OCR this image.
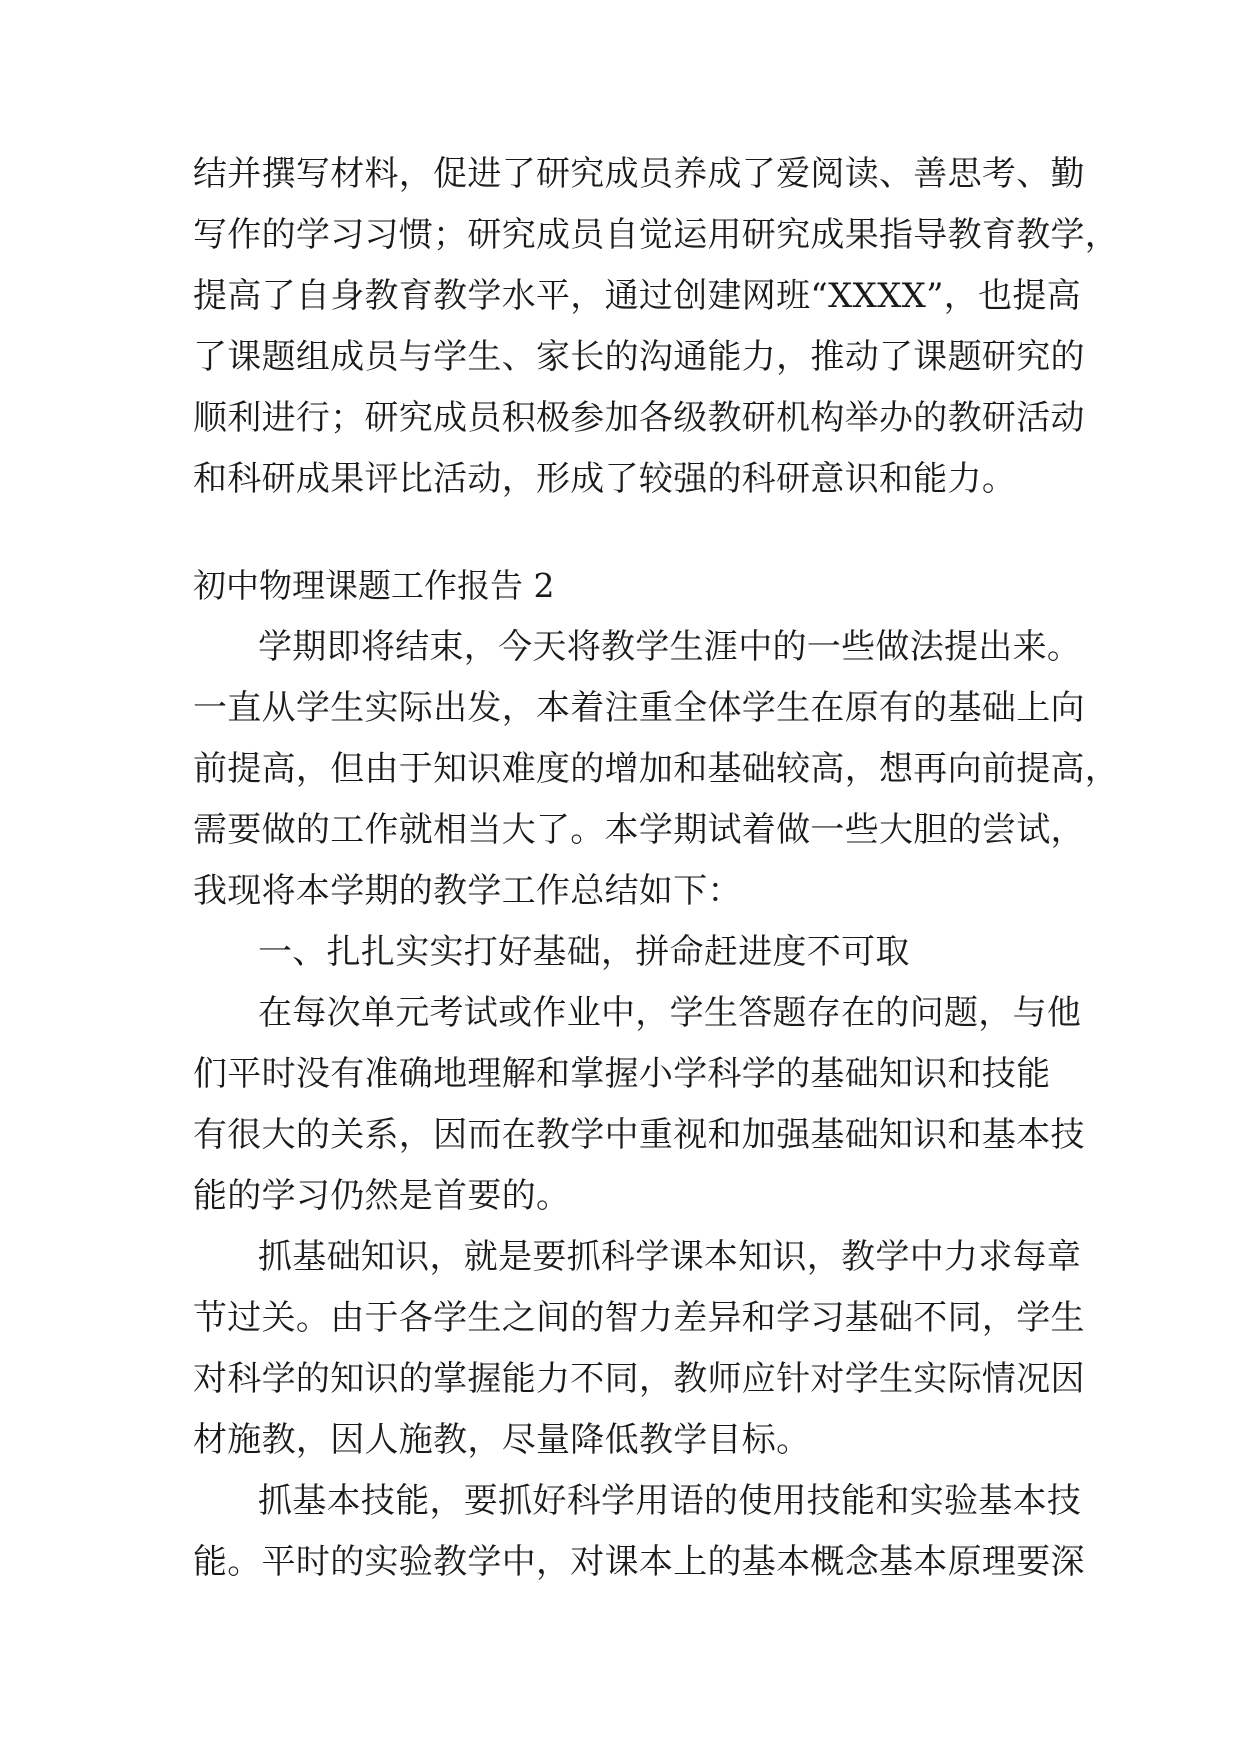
结并撰写材料，促进了研究成员养成了爱阅读、善思考、勤
写作的学习习惯；研究成员自觉运用研究成果指导教育教学，
提高了自身教育教学水平，通过创建网班“XXXX”，也提高
了课题组成员与学生、家长的沟通能力，推动了课题研究的
顺利进行；研究成员积极参加各级教研机构举办的教研活动
和科研成果评比活动，形成了较强的科研意识和能力。
初中物理课题工作报告 2
学期即将结束，今天将教学生涯中的一些做法提出来。
一直从学生实际出发，本着注重全体学生在原有的基础上向
前提高，但由于知识难度的增加和基础较高，想再向前提高，
需要做的工作就相当大了。本学期试着做一些大胆的尝试，
我现将本学期的教学工作总结如下：
一、扎扎实实打好基础，拼命赶进度不可取
在每次单元考试或作业中，学生答题存在的问题，与他
们平时没有准确地理解和掌握小学科学的基础知识和技能
有很大的关系，因而在教学中重视和加强基础知识和基本技
能的学习仍然是首要的。
抓基础知识，就是要抓科学课本知识，教学中力求每章
节过关。由于各学生之间的智力差异和学习基础不同，学生
对科学的知识的掌握能力不同，教师应针对学生实际情况因
材施教，因人施教，尽量降低教学目标。
抓基本技能，要抓好科学用语的使用技能和实验基本技
能。平时的实验教学中，对课本上的基本概念基本原理要深
